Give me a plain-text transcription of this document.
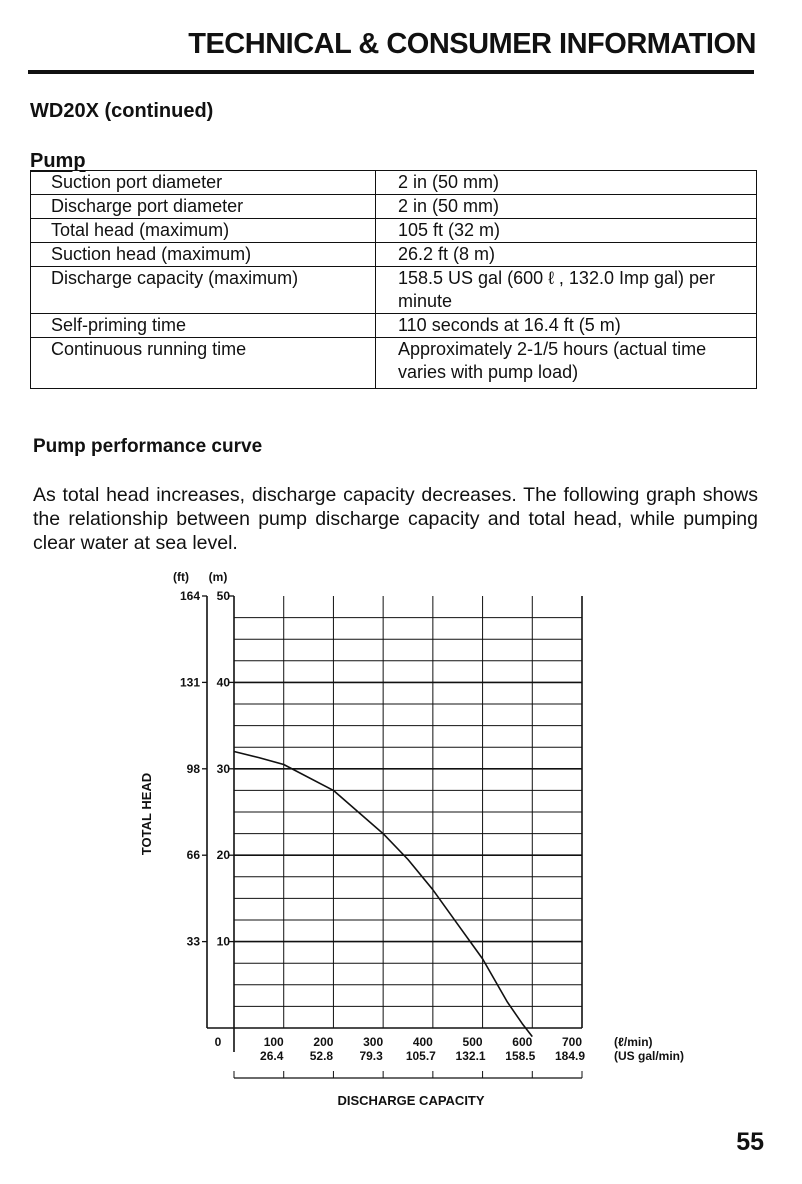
TECHNICAL & CONSUMER INFORMATION
WD20X (continued)
Pump
Suction port diameter	2 in (50 mm)
Discharge port diameter	2 in (50 mm)
Total head (maximum)	105 ft (32 m)
Suction head (maximum)	26.2 ft (8 m)
Discharge capacity (maximum)	158.5 US gal (600 ℓ , 132.0 Imp gal) per minute
Self-priming time	110 seconds at 16.4 ft (5 m)
Continuous running time	Approximately 2-1/5 hours (actual time varies with pump load)
Pump performance curve
As total head increases, discharge capacity decreases. The following graph shows the relationship between pump discharge capacity and total head, while pumping clear water at sea level.
10
33
20
66
30
98
40
131
50
164
(ft) (m)
0	100
26.4
200
52.8
300
79.3
400
105.7
500
132.1
600
158.5
700
184.9
(ℓ/min)
(US gal/min)
DISCHARGE CAPACITY
TOTAL HEAD
55
